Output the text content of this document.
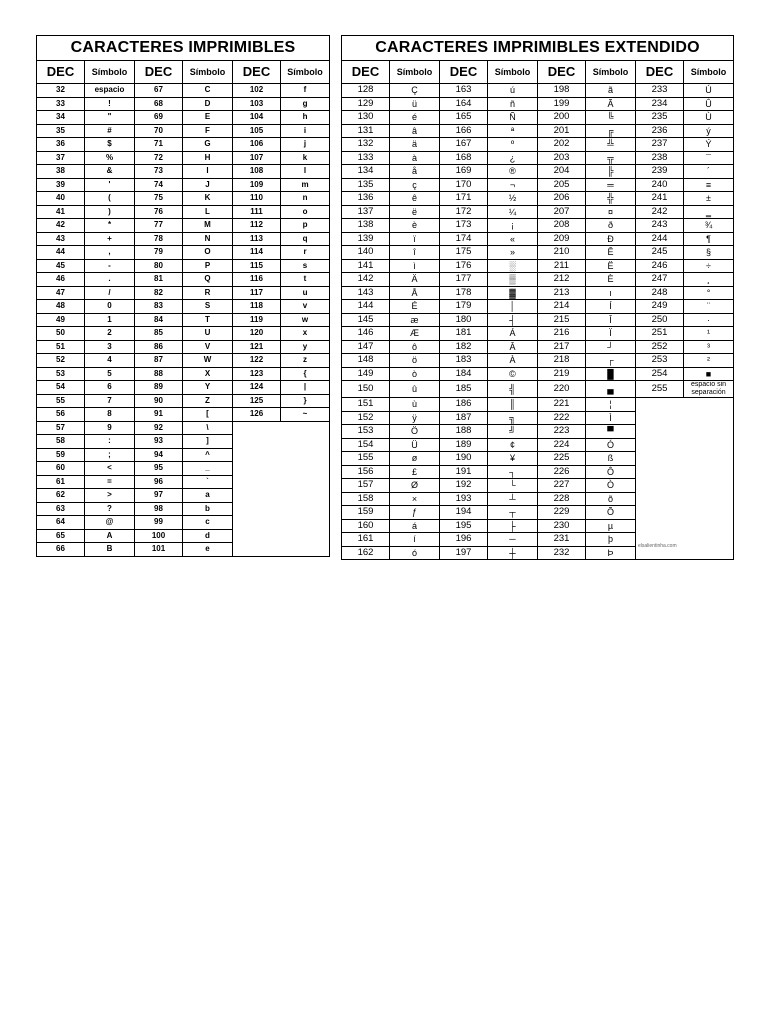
CARACTERES IMPRIMIBLES					
DEC	Símbolo	DEC	Símbolo	DEC	Símbolo
32	espacio	67	C	102	f
33	!	68	D	103	g
34	"	69	E	104	h
35	#	70	F	105	i
36	$	71	G	106	j
37	%	72	H	107	k
38	&	73	I	108	l
39	'	74	J	109	m
40	(	75	K	110	n
41	)	76	L	111	o
42	*	77	M	112	p
43	+	78	N	113	q
44	,	79	O	114	r
45	-	80	P	115	s
46	.	81	Q	116	t
47	/	82	R	117	u
48	0	83	S	118	v
49	1	84	T	119	w
50	2	85	U	120	x
51	3	86	V	121	y
52	4	87	W	122	z
53	5	88	X	123	{
54	6	89	Y	124	|
55	7	90	Z	125	}
56	8	91	[	126	~
57	9	92	\		
58	:	93	]		
59	;	94	^		
60	<	95	_		
61	=	96	`		
62	>	97	a		
63	?	98	b		
64	@	99	c		
65	A	100	d		
66	B	101	e		
CARACTERES IMPRIMIBLES EXTENDIDO							
DEC	Símbolo	DEC	Símbolo	DEC	Símbolo	DEC	Símbolo
128	Ç	163	ú	198	ã	233	Ú
129	ü	164	ñ	199	Ã	234	Û
130	é	165	Ñ	200	╚	235	Ù
131	â	166	ª	201	╔	236	ý
132	ä	167	º	202	╩	237	Ý
133	à	168	¿	203	╦	238	¯
134	å	169	®	204	╠	239	´
135	ç	170	¬	205	═	240	≡
136	ê	171	½	206	╬	241	±
137	ë	172	¼	207	¤	242	‗
138	è	173	¡	208	ð	243	¾
139	ï	174	«	209	Ð	244	¶
140	î	175	»	210	Ê	245	§
141	ì	176	░	211	Ë	246	÷
142	Ä	177	▒	212	È	247	¸
143	Å	178	▓	213	ı	248	°
144	É	179	│	214	Í	249	¨
145	æ	180	┤	215	Î	250	·
146	Æ	181	Á	216	Ï	251	¹
147	ô	182	Â	217	┘	252	³
148	ö	183	À	218	┌	253	²
149	ò	184	©	219	█	254	■
150	û	185	╣	220	▄	255	espacio sin separación
151	ù	186	║	221	¦		
152	ÿ	187	╗	222	Ì		
153	Ö	188	╝	223	▀		
154	Ü	189	¢	224	Ó		
155	ø	190	¥	225	ß		
156	£	191	┐	226	Ô		
157	Ø	192	└	227	Ò		
158	×	193	┴	228	õ		
159	ƒ	194	┬	229	Õ		
160	á	195	├	230	µ		
161	í	196	─	231	þ		
162	ó	197	┼	232	Þ		
elsalientinha.com
